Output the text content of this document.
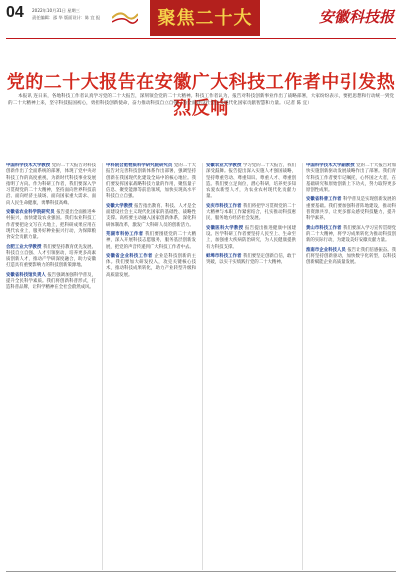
04 2022年10月31日 星期三
责任编辑：邵 华 版面设计：陈 宜 报	聚焦二十大	安徽科技报
党的二十大报告在安徽广大科技工作者中引发热烈反响
本报讯 连日来，各地科技工作者认真学习党的二十大报告，深刻领会党的二十大精神。科技工作者认为，报告对科技创新事业作出了战略部署，大家纷纷表示，要把思想和行动统一到党的二十大精神上来，坚守科技报国初心，勇担科技创新使命，奋力推动科技自立自强，为全面建设社会主义现代化国家贡献智慧和力量。（记者 陈 宜）
中国科学技术大学教授 党的二十大报告对科技创新作出了全面系统的部署，体现了党中央对科技工作的高度重视，为新时代科技事业发展指明了方向。作为科研工作者，我们要深入学习贯彻党的二十大精神，坚持面向世界科技前沿、面向经济主战场、面向国家重大需求、面向人民生命健康，勇攀科技高峰。
安徽省农业科学院研究员 报告提出全面推进乡村振兴，加快建设农业强国。我们农业科技工作者要把论文写在大地上，把科研成果应用在现代农业上，服务好种业振兴行动，为保障粮食安全贡献力量。
合肥工业大学教授 我们要坚持教育优先发展、科技自立自强、人才引领驱动，培养更多高素质创新人才，推动产学研深度融合，助力安徽打造具有重要影响力的科技创新策源地。
安徽省科技馆负责人 报告强调加强科学普及，提升全民科学素质。我们将创新科普形式，打造科普品牌，让科学精神在全社会蔚然成风。
中科院合肥物质科学研究院研究员 党的二十大报告对完善科技创新体系作出部署，强调坚持创新在我国现代化建设全局中的核心地位。我们要发挥国家战略科技力量的作用，聚焦量子信息、聚变能源等前沿领域，加快实现高水平科技自立自强。
安徽大学教授 报告指出教育、科技、人才是全面建设社会主义现代化国家的基础性、战略性支撑。高校要主动融入国家创新体系，深化科研体制改革，激发广大科研人员的创新活力。
芜湖市科协工作者 我们要围绕党的二十大精神，深入开展科技志愿服务，服务基层创新发展，把党的声音传递到广大科技工作者中去。
安徽省企业科技工作者 企业是科技创新的主体。我们要加大研发投入，攻克关键核心技术，推动科技成果转化，助力产业转型升级和高质量发展。
安徽农业大学教授 学习党的二十大报告，我们深受鼓舞。报告提出深入实施人才强国战略，坚持尊重劳动、尊重知识、尊重人才、尊重创造。我们要立足岗位，潜心科研，培养更多知农爱农新型人才，为农业农村现代化贡献力量。
安庆市科技工作者 我们将把学习贯彻党的二十大精神与本职工作紧密结合，扎实推动科技惠民，服务地方经济社会发展。
安徽医科大学教授 报告提出推进健康中国建设。医学科研工作者要坚持人民至上、生命至上，加强重大疾病防治研究，为人民健康提供有力科技支撑。
蚌埠市科技工作者 我们要坚定创新自信，敢于突破，以实干实绩践行党的二十大精神。
中国科学技术大学副教授 党的二十大报告对加快实施创新驱动发展战略作出了部署。我们青年科技工作者要牢记嘱托，心怀国之大者，在基础研究和原始创新上下功夫，努力取得更多原创性成果。
安徽省科普工作者 科学普及是实现创新发展的重要基础。我们要加强科普阵地建设，推动科普资源共享，让更多群众感受科技魅力，提升科学素养。
黄山市科技工作者 我们要深入学习宣传贯彻党的二十大精神，将学习成果转化为推动科技创新的实际行动，为建设美好安徽贡献力量。
淮南市企业科技人员 报告让我们倍感振奋。我们将坚持创新驱动，加快数字化转型，以科技创新赋能企业高质量发展。
